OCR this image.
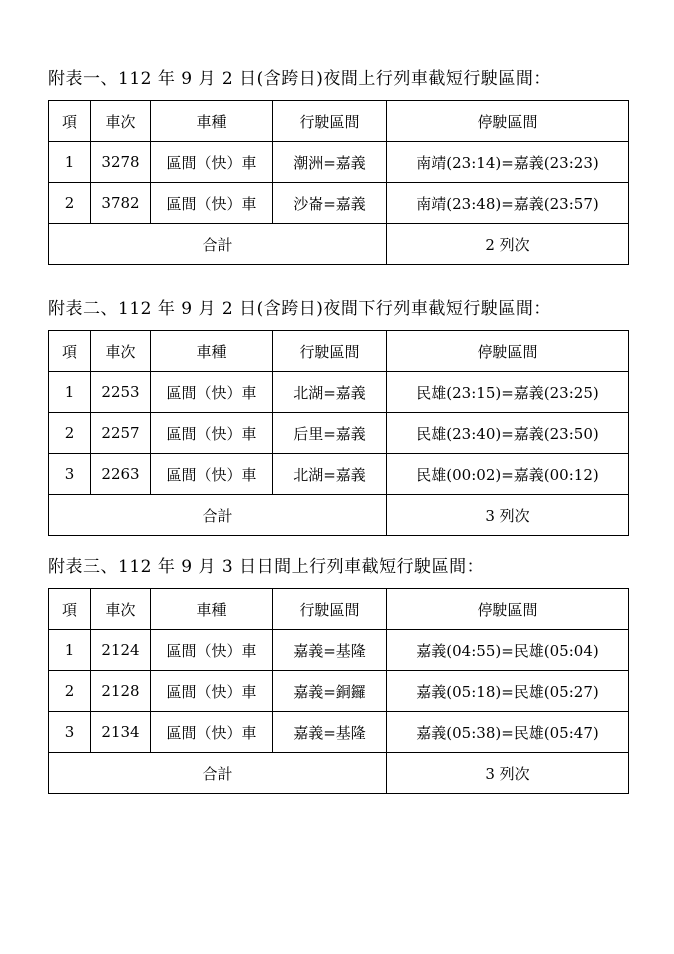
附表一、112 年 9 月 2 日(含跨日)夜間上行列車截短行駛區間：
項	車次	車種	行駛區間	停駛區間
1	3278	區間（快）車	潮洲=嘉義	南靖(23:14)=嘉義(23:23)
2	3782	區間（快）車	沙崙=嘉義	南靖(23:48)=嘉義(23:57)
合計				2 列次
附表二、112 年 9 月 2 日(含跨日)夜間下行列車截短行駛區間：
項	車次	車種	行駛區間	停駛區間
1	2253	區間（快）車	北湖=嘉義	民雄(23:15)=嘉義(23:25)
2	2257	區間（快）車	后里=嘉義	民雄(23:40)=嘉義(23:50)
3	2263	區間（快）車	北湖=嘉義	民雄(00:02)=嘉義(00:12)
合計				3 列次
附表三、112 年 9 月 3 日日間上行列車截短行駛區間：
項	車次	車種	行駛區間	停駛區間
1	2124	區間（快）車	嘉義=基隆	嘉義(04:55)=民雄(05:04)
2	2128	區間（快）車	嘉義=銅鑼	嘉義(05:18)=民雄(05:27)
3	2134	區間（快）車	嘉義=基隆	嘉義(05:38)=民雄(05:47)
合計				3 列次
